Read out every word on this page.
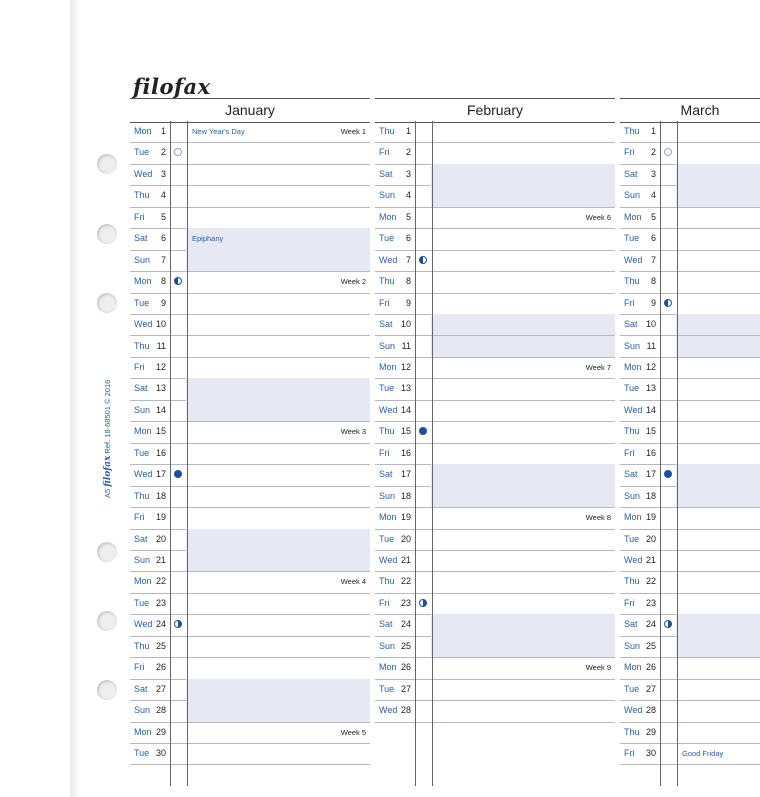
filofax
A5 filofax Ref. 18-68501 © 2016
January
Mon	1	New Year's Day	Week 1
Tue	2
Wed 3
Thu	4
Fri	5
Sat	6	Epiphany
Sun	7
Mon	8	Week 2
Tue	9
Wed 10
Thu 11
Fri	12
Sat 13
Sun 14
Mon 15	Week 3
Tue 16
Wed 17
Thu 18
Fri	19
Sat 20
Sun 21
Mon 22	Week 4
Tue 23
Wed 24
Thu 25
Fri	26
Sat 27
Sun 28
Mon 29	Week 5
Tue 30
February
Thu	1
Fri	2
Sat	3
Sun	4
Mon	5	Week 6
Tue	6
Wed 7
Thu	8
Fri	9
Sat 10
Sun 11
Mon 12	Week 7
Tue 13
Wed 14
Thu 15
Fri	16
Sat 17
Sun 18
Mon 19	Week 8
Tue 20
Wed 21
Thu 22
Fri	23
Sat 24
Sun 25
Mon 26	Week 9
Tue 27
Wed 28
March
Thu	1
Fri	2
Sat	3
Sun	4
Mon	5
Tue	6
Wed 7
Thu	8
Fri	9
Sat 10
Sun 11
Mon 12
Tue 13
Wed 14
Thu 15
Fri	16
Sat 17
Sun 18
Mon 19
Tue 20
Wed 21
Thu 22
Fri	23
Sat 24
Sun 25
Mon 26
Tue 27
Wed 28
Thu 29
Fri	30	Good Friday
